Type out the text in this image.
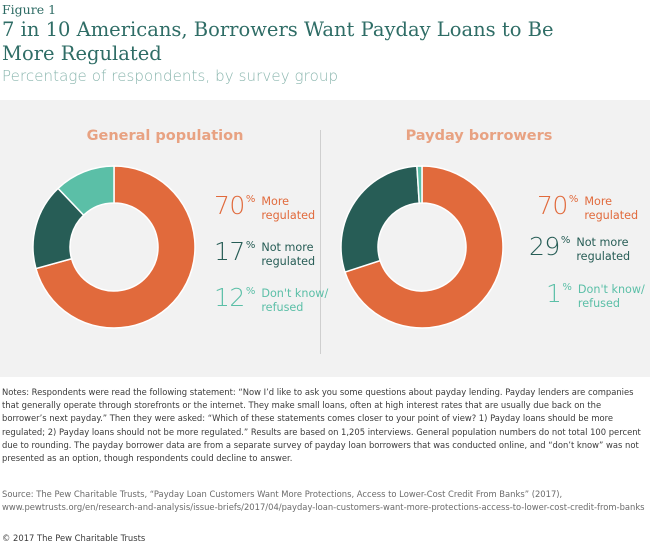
Figure 1
7 in 10 Americans, Borrowers Want Payday Loans to Be More Regulated
Percentage of respondents, by survey group
General population	Payday borrowers
70 % More
regulated
17 % Not more
regulated
12 % Don't know/
refused
70 % More
regulated
29 % Not more
regulated
1 % Don't know/
refused
Notes: Respondents were read the following statement: “Now I’d like to ask you some questions about payday lending. Payday lenders are companies that generally operate through storefronts or the internet. They make small loans, often at high interest rates that are usually due back on the borrower’s next payday.” Then they were asked: “Which of these statements comes closer to your point of view? 1) Payday loans should be more regulated; 2) Payday loans should not be more regulated.” Results are based on 1,205 interviews. General population numbers do not total 100 percent due to rounding. The payday borrower data are from a separate survey of payday loan borrowers that was conducted online, and “don’t know” was not presented as an option, though respondents could decline to answer.
Source: The Pew Charitable Trusts, “Payday Loan Customers Want More Protections, Access to Lower-Cost Credit From Banks” (2017), www.pewtrusts.org/en/research-and-analysis/issue-briefs/2017/04/payday-loan-customers-want-more-protections-access-to-lower-cost-credit-from-banks
© 2017 The Pew Charitable Trusts
